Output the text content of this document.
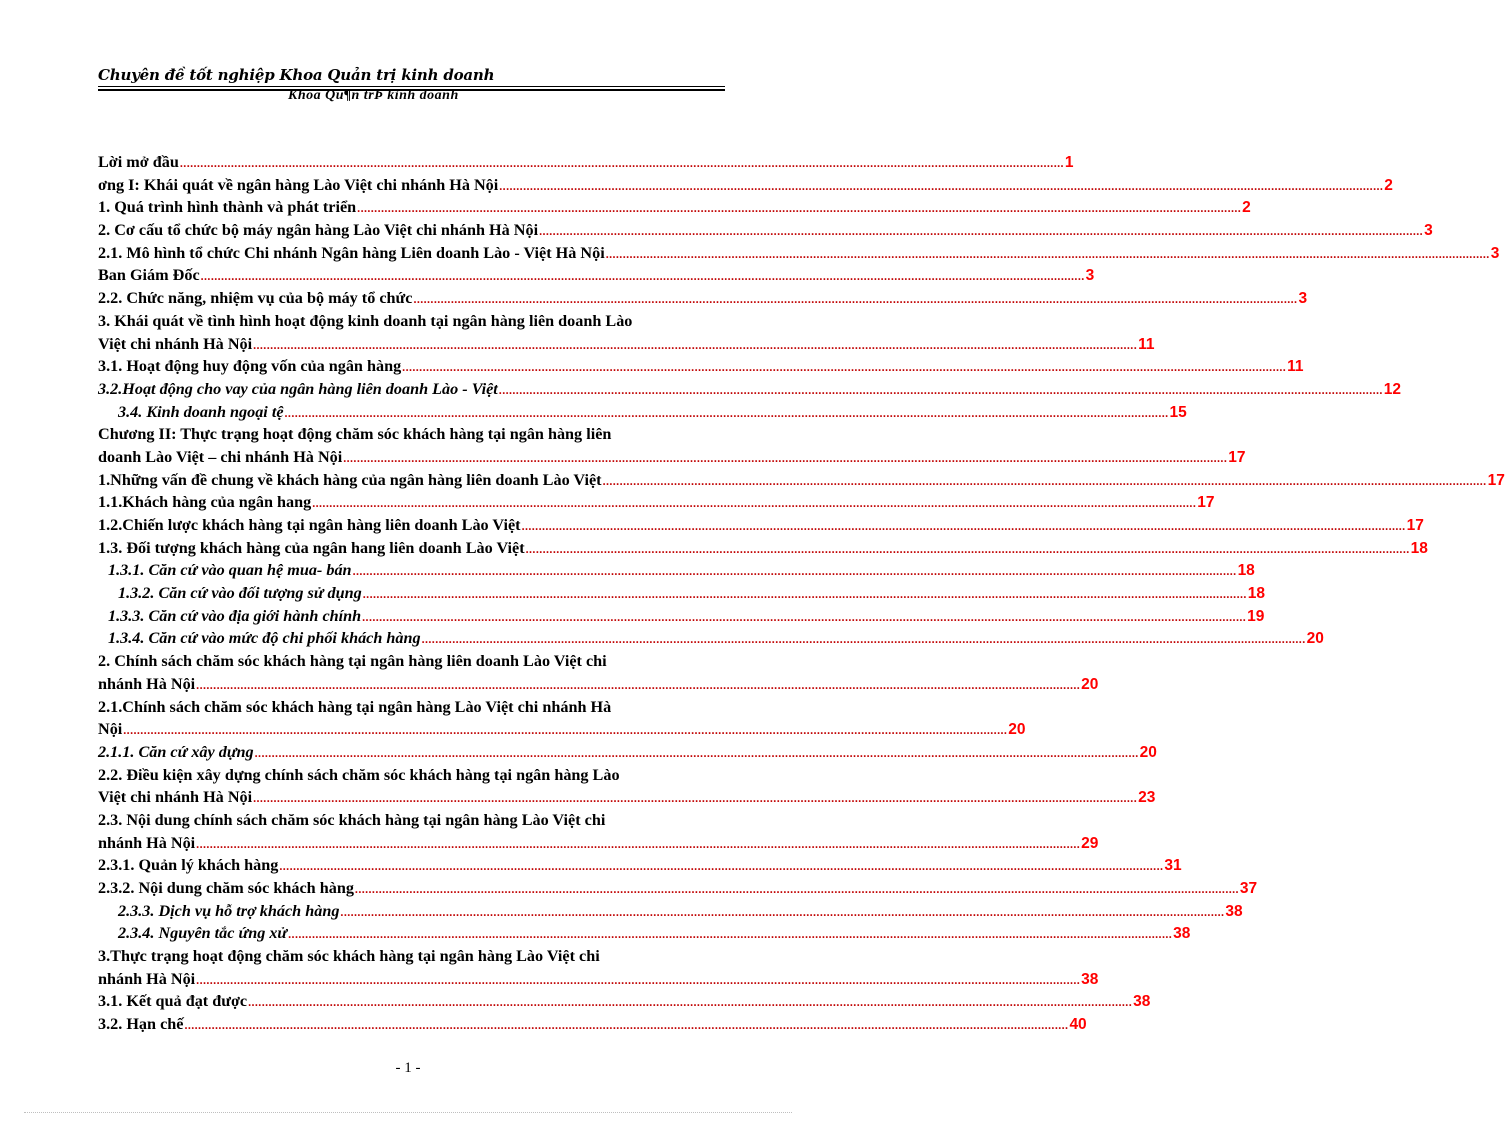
Chuyên đề tốt nghiệp Khoa Quản trị kinh doanh
Khoa Qu¶n trÞ kinh doanh
Lời mở đầu .................................................................................................................................................................................................................................................................... 1
ơng I: Khái quát về ngân hàng Lào Việt chi nhánh Hà Nội .................................................................................................................................................................................................................................................................... 2
1. Quá trình hình thành và phát triển .................................................................................................................................................................................................................................................................... 2
2. Cơ cấu tổ chức bộ máy ngân hàng Lào Việt chi nhánh Hà Nội .................................................................................................................................................................................................................................................................... 3
2.1. Mô hình tổ chức Chi nhánh Ngân hàng Liên doanh Lào - Việt Hà Nội .................................................................................................................................................................................................................................................................... 3
Ban Giám Đốc .................................................................................................................................................................................................................................................................... 3
2.2. Chức năng, nhiệm vụ của bộ máy tổ chức .................................................................................................................................................................................................................................................................... 3
3. Khái quát về tình hình hoạt động kinh doanh tại ngân hàng liên doanh Lào
Việt chi nhánh Hà Nội .................................................................................................................................................................................................................................................................... 11
3.1. Hoạt động huy động vốn của ngân hàng .................................................................................................................................................................................................................................................................... 11
3.2.Hoạt động cho vay của ngân hàng liên doanh Lào - Việt .................................................................................................................................................................................................................................................................... 12
3.4. Kinh doanh ngoại tệ .................................................................................................................................................................................................................................................................... 15
Chương II: Thực trạng hoạt động chăm sóc khách hàng tại ngân hàng liên
doanh Lào Việt – chi nhánh Hà Nội .................................................................................................................................................................................................................................................................... 17
1.Những vấn đề chung về khách hàng của ngân hàng liên doanh Lào Việt .................................................................................................................................................................................................................................................................... 17
1.1.Khách hàng của ngân hang .................................................................................................................................................................................................................................................................... 17
1.2.Chiến lược khách hàng tại ngân hàng liên doanh Lào Việt .................................................................................................................................................................................................................................................................... 17
1.3. Đối tượng khách hàng của ngân hang liên doanh Lào Việt .................................................................................................................................................................................................................................................................... 18
1.3.1. Căn cứ vào quan hệ mua- bán .................................................................................................................................................................................................................................................................... 18
1.3.2. Căn cứ vào đối tượng sử dụng .................................................................................................................................................................................................................................................................... 18
1.3.3. Căn cứ vào địa giới hành chính .................................................................................................................................................................................................................................................................... 19
1.3.4. Căn cứ vào mức độ chi phối khách hàng .................................................................................................................................................................................................................................................................... 20
2. Chính sách chăm sóc khách hàng tại ngân hàng liên doanh Lào Việt chi
nhánh Hà Nội .................................................................................................................................................................................................................................................................... 20
2.1.Chính sách chăm sóc khách hàng tại ngân hàng Lào Việt chi nhánh Hà
Nội .................................................................................................................................................................................................................................................................... 20
2.1.1. Căn cứ xây dựng .................................................................................................................................................................................................................................................................... 20
2.2. Điều kiện xây dựng chính sách chăm sóc khách hàng tại ngân hàng Lào
Việt chi nhánh Hà Nội .................................................................................................................................................................................................................................................................... 23
2.3. Nội dung chính sách chăm sóc khách hàng tại ngân hàng Lào Việt chi
nhánh Hà Nội .................................................................................................................................................................................................................................................................... 29
2.3.1. Quản lý khách hàng .................................................................................................................................................................................................................................................................... 31
2.3.2. Nội dung chăm sóc khách hàng .................................................................................................................................................................................................................................................................... 37
2.3.3. Dịch vụ hỗ trợ khách hàng .................................................................................................................................................................................................................................................................... 38
2.3.4. Nguyên tắc ứng xử .................................................................................................................................................................................................................................................................... 38
3.Thực trạng hoạt động chăm sóc khách hàng tại ngân hàng Lào Việt chi
nhánh Hà Nội .................................................................................................................................................................................................................................................................... 38
3.1. Kết quả đạt được .................................................................................................................................................................................................................................................................... 38
3.2. Hạn chế .................................................................................................................................................................................................................................................................... 40
- 1 -
